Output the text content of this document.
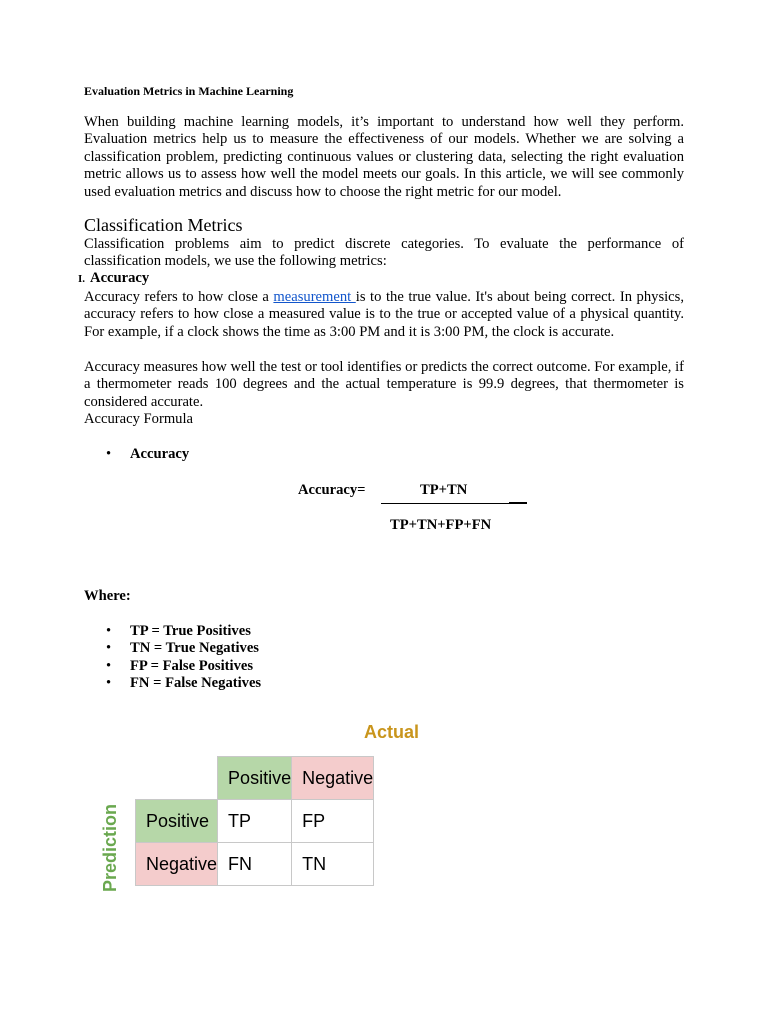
Evaluation Metrics in Machine Learning

When building machine learning models, it’s important to understand how well they perform. Evaluation metrics help us to measure the effectiveness of our models. Whether we are solving a classification problem, predicting continuous values or clustering data, selecting the right evaluation metric allows us to assess how well the model meets our goals. In this article, we will see commonly used evaluation metrics and discuss how to choose the right metric for our model.

Classification Metrics

Classification problems aim to predict discrete categories. To evaluate the performance of classification models, we use the following metrics:

I. Accuracy

Accuracy refers to how close a measurement is to the true value. It's about being correct. In physics, accuracy refers to how close a measured value is to the true or accepted value of a physical quantity. For example, if a clock shows the time as 3:00 PM and it is 3:00 PM, the clock is accurate.

Accuracy measures how well the test or tool identifies or predicts the correct outcome. For example, if a thermometer reads 100 degrees and the actual temperature is 99.9 degrees, that thermometer is considered accurate.

Accuracy Formula
• Accuracy
Accuracy=	TP+TN
TP+TN+FP+FN
Where:
• TP = True Positives
• TN = True Negatives
• FP = False Positives
• FN = False Negatives
Actual
Prediction
	Positive	Negative
Positive	TP	FP
Negative	FN	TN
